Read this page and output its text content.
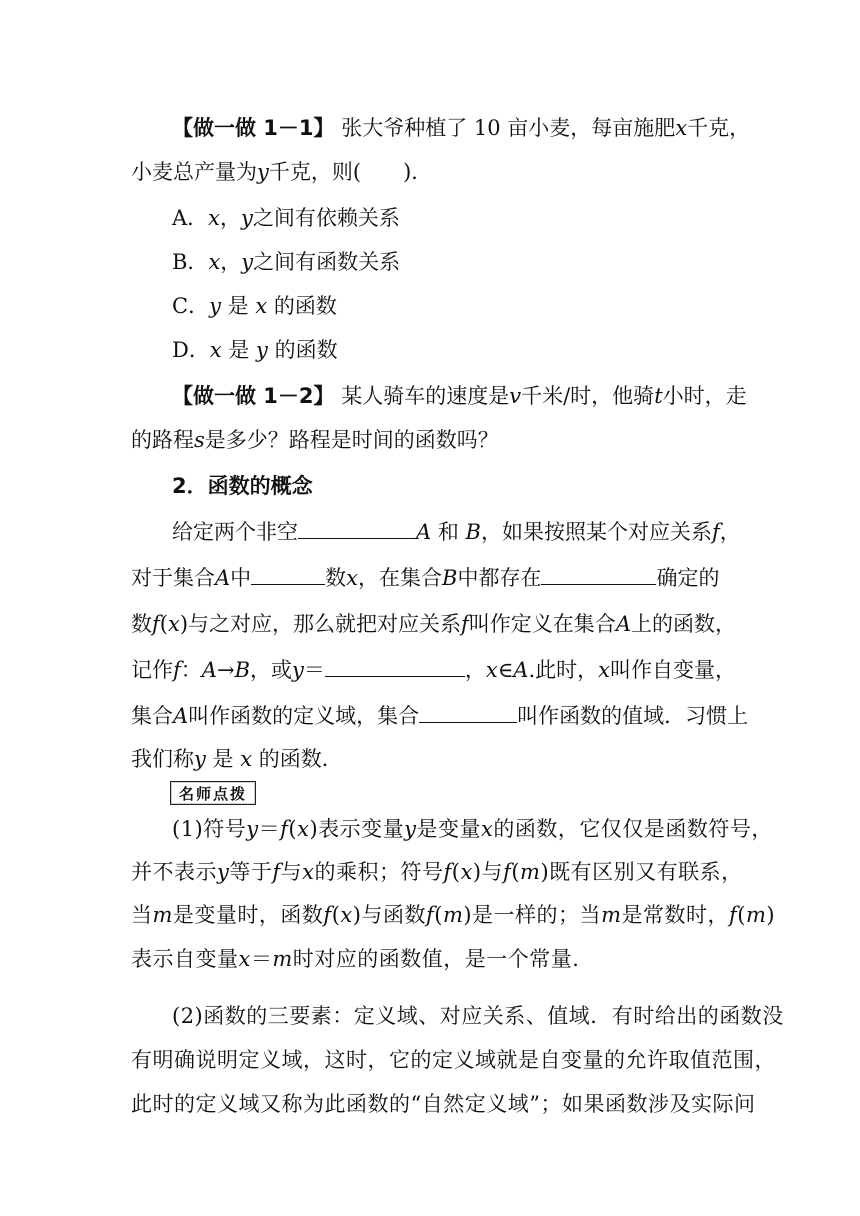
【做一做 1－1】 张大爷种植了 10 亩小麦，每亩施肥x千克，
小麦总产量为y千克，则(　　)．
A．x，y之间有依赖关系
B．x，y之间有函数关系
C．y 是 x 的函数
D．x 是 y 的函数
【做一做 1－2】 某人骑车的速度是v千米/时，他骑t小时，走
的路程s是多少？路程是时间的函数吗？
2．函数的概念
给定两个非空	A 和 B，如果按照某个对应关系f，
对于集合A中	数x，在集合B中都存在	确定的
数f(x)与之对应，那么就把对应关系f叫作定义在集合A上的函数，
记作f：A→B，或y＝	，x∈A.此时，x叫作自变量，
集合A叫作函数的定义域，集合	叫作函数的值域．习惯上
我们称y 是 x 的函数．
名师点拨
(1)符号y＝f(x)表示变量y是变量x的函数，它仅仅是函数符号，
并不表示y等于f与x的乘积；符号f(x)与f(m)既有区别又有联系，
当m是变量时，函数f(x)与函数f(m)是一样的；当m是常数时，f(m)
表示自变量x＝m时对应的函数值，是一个常量．
(2)函数的三要素：定义域、对应关系、值域．有时给出的函数没
有明确说明定义域，这时，它的定义域就是自变量的允许取值范围，
此时的定义域又称为此函数的“自然定义域”；如果函数涉及实际问
